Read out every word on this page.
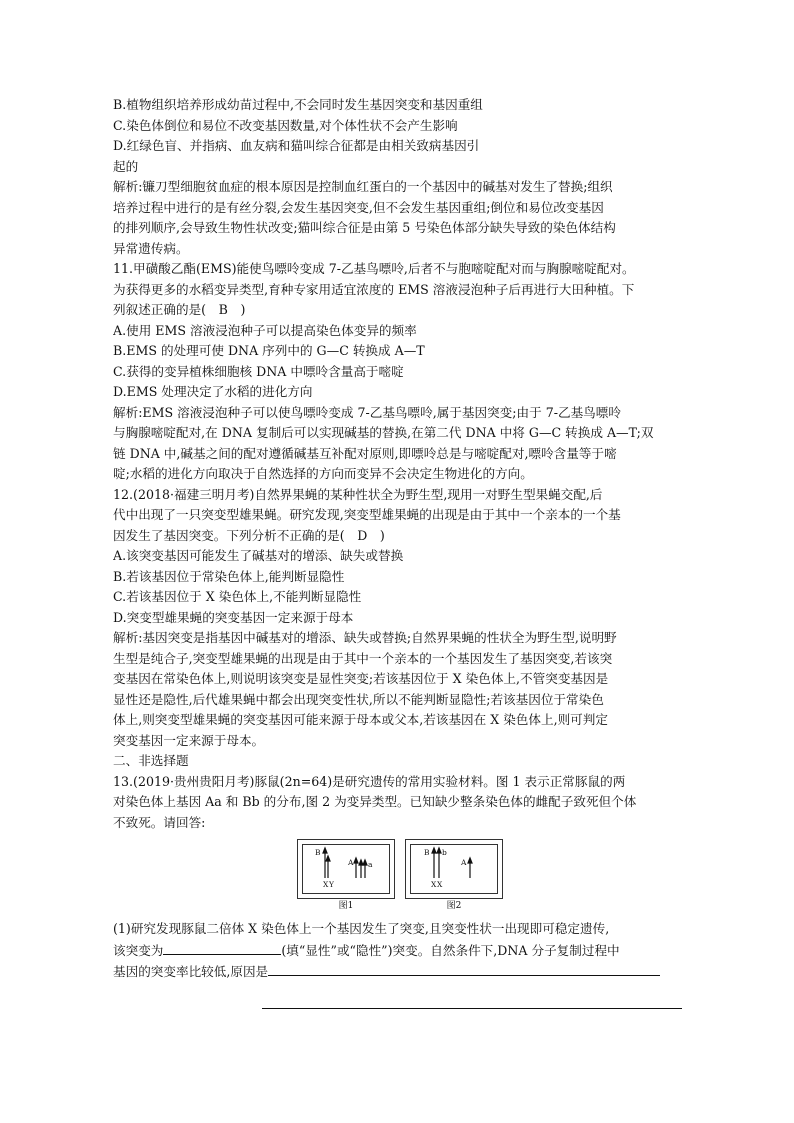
B.植物组织培养形成幼苗过程中,不会同时发生基因突变和基因重组
C.染色体倒位和易位不改变基因数量,对个体性状不会产生影响
D.红绿色盲、并指病、血友病和猫叫综合征都是由相关致病基因引
起的
解析:镰刀型细胞贫血症的根本原因是控制血红蛋白的一个基因中的碱基对发生了替换;组织
培养过程中进行的是有丝分裂,会发生基因突变,但不会发生基因重组;倒位和易位改变基因
的排列顺序,会导致生物性状改变;猫叫综合征是由第 5 号染色体部分缺失导致的染色体结构
异常遗传病。
11.甲磺酸乙酯(EMS)能使鸟嘌呤变成 7-乙基鸟嘌呤,后者不与胞嘧啶配对而与胸腺嘧啶配对。
为获得更多的水稻变异类型,育种专家用适宜浓度的 EMS 溶液浸泡种子后再进行大田种植。下
列叙述正确的是(　B　)
A.使用 EMS 溶液浸泡种子可以提高染色体变异的频率
B.EMS 的处理可使 DNA 序列中的 G—C 转换成 A—T
C.获得的变异植株细胞核 DNA 中嘌呤含量高于嘧啶
D.EMS 处理决定了水稻的进化方向
解析:EMS 溶液浸泡种子可以使鸟嘌呤变成 7-乙基鸟嘌呤,属于基因突变;由于 7-乙基鸟嘌呤
与胸腺嘧啶配对,在 DNA 复制后可以实现碱基的替换,在第二代 DNA 中将 G—C 转换成 A—T;双
链 DNA 中,碱基之间的配对遵循碱基互补配对原则,即嘌呤总是与嘧啶配对,嘌呤含量等于嘧
啶;水稻的进化方向取决于自然选择的方向而变异不会决定生物进化的方向。
12.(2018·福建三明月考)自然界果蝇的某种性状全为野生型,现用一对野生型果蝇交配,后
代中出现了一只突变型雄果蝇。研究发现,突变型雄果蝇的出现是由于其中一个亲本的一个基
因发生了基因突变。下列分析不正确的是(　D　)
A.该突变基因可能发生了碱基对的增添、缺失或替换
B.若该基因位于常染色体上,能判断显隐性
C.若该基因位于 X 染色体上,不能判断显隐性
D.突变型雄果蝇的突变基因一定来源于母本
解析:基因突变是指基因中碱基对的增添、缺失或替换;自然界果蝇的性状全为野生型,说明野
生型是纯合子,突变型雄果蝇的出现是由于其中一个亲本的一个基因发生了基因突变,若该突
变基因在常染色体上,则说明该突变是显性突变;若该基因位于 X 染色体上,不管突变基因是
显性还是隐性,后代雄果蝇中都会出现突变性状,所以不能判断显隐性;若该基因位于常染色
体上,则突变型雄果蝇的突变基因可能来源于母本或父本,若该基因在 X 染色体上,则可判定
突变基因一定来源于母本。
二、非选择题
13.(2019·贵州贵阳月考)豚鼠(2n=64)是研究遗传的常用实验材料。图 1 表示正常豚鼠的两
对染色体上基因 Aa 和 Bb 的分布,图 2 为变异类型。已知缺少整条染色体的雌配子致死但个体
不致死。请回答:
B
X Y
A a
图1
B b
X X
A
图2
(1)研究发现豚鼠二倍体 X 染色体上一个基因发生了突变,且突变性状一出现即可稳定遗传,
该突变为	(填“显性”或“隐性”)突变。自然条件下,DNA 分子复制过程中
基因的突变率比较低,原因是
